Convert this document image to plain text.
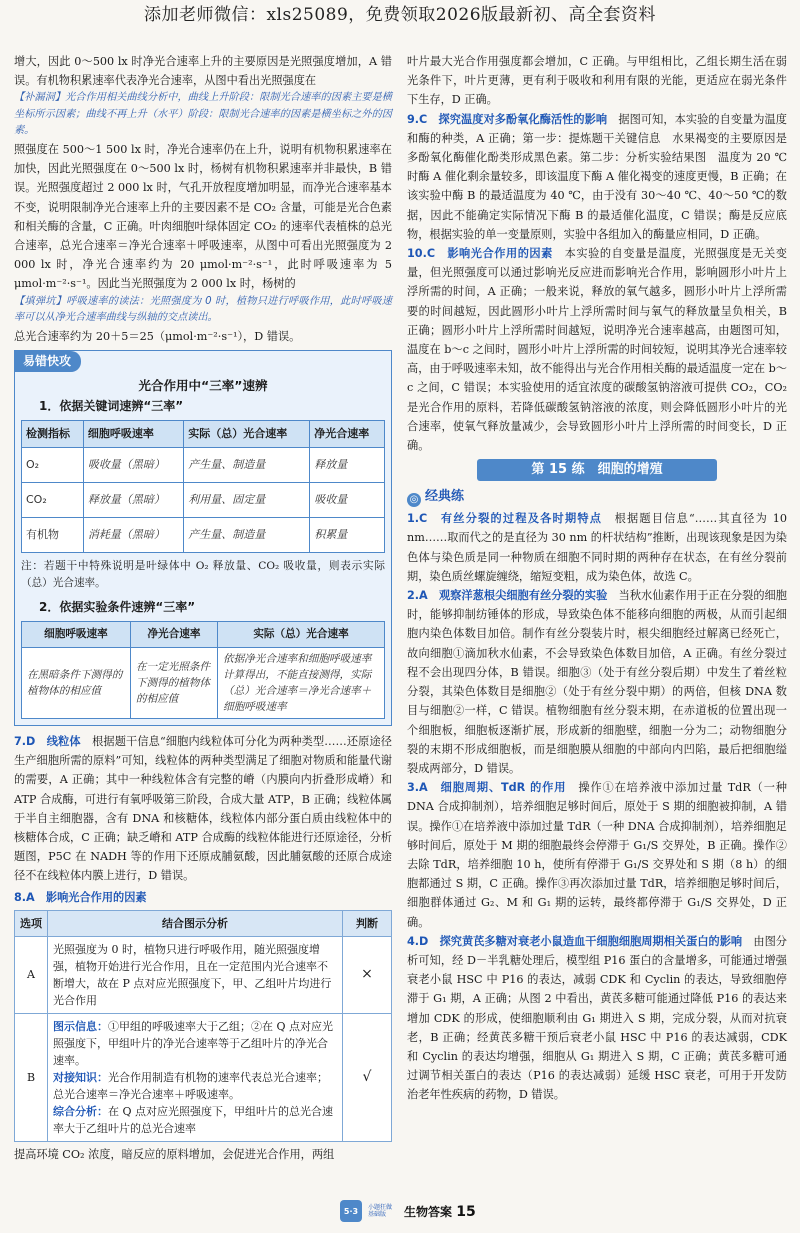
添加老师微信：xls25089，免费领取2026版最新初、高全套资料

增大，因此 0～500 lx 时净光合速率上升的主要原因是光照强度增加，A 错误。有机物积累速率代表净光合速率，从图中看出光照强度在

【补漏洞】光合作用相关曲线分析中，曲线上升阶段：限制光合速率的因素主要是横坐标所示因素；曲线不再上升（水平）阶段：限制光合速率的因素是横坐标之外的因素。

照强度在 500～1 500 lx 时，净光合速率仍在上升，说明有机物积累速率在加快，因此光照强度在 0～500 lx 时，杨树有机物积累速率并非最快，B 错误。光照强度超过 2 000 lx 时，气孔开放程度增加明显，而净光合速率基本不变，说明限制净光合速率上升的主要因素不是 CO₂ 含量，可能是光合色素和相关酶的含量，C 正确。叶肉细胞叶绿体固定 CO₂ 的速率代表植株的总光合速率，总光合速率＝净光合速率＋呼吸速率，从图中可看出光照强度为 2 000 lx 时，净光合速率约为 20 μmol·m⁻²·s⁻¹，此时呼吸速率为 5 μmol·m⁻²·s⁻¹。因此当光照强度为 2 000 lx 时，杨树的

【填弹坑】呼吸速率的读法：光照强度为 0 时，植物只进行呼吸作用，此时呼吸速率可以从净光合速率曲线与纵轴的交点读出。

总光合速率约为 20＋5＝25（μmol·m⁻²·s⁻¹），D 错误。

易错快攻
光合作用中“三率”速辨
1．依据关键词速辨“三率”
检测指标	细胞呼吸速率	实际（总）光合速率	净光合速率
O₂	吸收量（黑暗）	产生量、制造量	释放量
CO₂	释放量（黑暗）	利用量、固定量	吸收量
有机物	消耗量（黑暗）	产生量、制造量	积累量

注：若题干中特殊说明是叶绿体中 O₂ 释放量、CO₂ 吸收量，则表示实际（总）光合速率。

2．依据实验条件速辨“三率”
细胞呼吸速率	净光合速率	实际（总）光合速率
在黑暗条件下测得的植物体的相应值	在一定光照条件下测得的植物体的相应值	依据净光合速率和细胞呼吸速率计算得出，不能直接测得，实际（总）光合速率＝净光合速率＋细胞呼吸速率

7.D　 线粒体　 根据题干信息“细胞内线粒体可分化为两种类型……还原途径生产细胞所需的原料”可知，线粒体的两种类型满足了细胞对物质和能量代谢的需要，A 正确；其中一种线粒体含有完整的嵴（内膜向内折叠形成嵴）和 ATP 合成酶，可进行有氧呼吸第三阶段，合成大量 ATP，B 正确；线粒体属于半自主细胞器，含有 DNA 和核糖体，线粒体内部分蛋白质由线粒体中的核糖体合成，C 正确；缺乏嵴和 ATP 合成酶的线粒体能进行还原途径，分析题图，P5C 在 NADH 等的作用下还原成脯氨酸，因此脯氨酸的还原合成途径不在线粒体内膜上进行，D 错误。

8.A　 影响光合作用的因素

选项	结合图示分析	判断
A	光照强度为 0 时，植物只进行呼吸作用，随光照强度增强，植物开始进行光合作用，且在一定范围内光合速率不断增大，故在 P 点对应光照强度下，甲、乙组叶片均进行光合作用	×
B	图示信息：①甲组的呼吸速率大于乙组；②在 Q 点对应光照强度下，甲组叶片的净光合速率等于乙组叶片的净光合速率。
对接知识：光合作用制造有机物的速率代表总光合速率；总光合速率＝净光合速率＋呼吸速率。
综合分析：在 Q 点对应光照强度下，甲组叶片的总光合速率大于乙组叶片的总光合速率	√

提高环境 CO₂ 浓度，暗反应的原料增加，会促进光合作用，两组

叶片最大光合作用强度都会增加，C 正确。与甲组相比，乙组长期生活在弱光条件下，叶片更薄，更有利于吸收和利用有限的光能，更适应在弱光条件下生存，D 正确。

9.C　 探究温度对多酚氧化酶活性的影响　 据图可知，本实验的自变量为温度和酶的种类，A 正确；第一步：提炼题干关键信息　水果褐变的主要原因是多酚氧化酶催化酚类形成黑色素。第二步：分析实验结果图　温度为 20 ℃时酶 A 催化剩余量较多，即该温度下酶 A 催化褐变的速度更慢，B 正确；在该实验中酶 B 的最适温度为 40 ℃，由于没有 30～40 ℃、40～50 ℃的数据，因此不能确定实际情况下酶 B 的最适催化温度，C 错误；酶是反应底物，根据实验的单一变量原则，实验中各组加入的酶量应相同，D 正确。

10.C　 影响光合作用的因素　 本实验的自变量是温度，光照强度是无关变量，但光照强度可以通过影响光反应进而影响光合作用，影响圆形小叶片上浮所需的时间，A 正确；一般来说，释放的氧气越多，圆形小叶片上浮所需要的时间越短，因此圆形小叶片上浮所需时间与氧气的释放量呈负相关，B 正确；圆形小叶片上浮所需时间越短，说明净光合速率越高，由题图可知，温度在 b～c 之间时，圆形小叶片上浮所需的时间较短，说明其净光合速率较高，由于呼吸速率未知，故不能得出与光合作用相关酶的最适温度一定在 b～c 之间，C 错误；本实验使用的适宜浓度的碳酸氢钠溶液可提供 CO₂，CO₂ 是光合作用的原料，若降低碳酸氢钠溶液的浓度，则会降低圆形小叶片的光合速率，使氧气释放量减少，会导致圆形小叶片上浮所需的时间变长，D 正确。

第 15 练　细胞的增殖
◎ 经典练

1.C　 有丝分裂的过程及各时期特点　 根据题目信息“……其直径为 10 nm……取而代之的是直径为 30 nm 的杆状结构”推断，出现该现象是因为染色体与染色质是同一种物质在细胞不同时期的两种存在状态，在有丝分裂前期，染色质丝螺旋缠绕，缩短变粗，成为染色体，故选 C。

2.A　 观察洋葱根尖细胞有丝分裂的实验　 当秋水仙素作用于正在分裂的细胞时，能够抑制纺锤体的形成，导致染色体不能移向细胞的两极，从而引起细胞内染色体数目加倍。制作有丝分裂装片时，根尖细胞经过解离已经死亡，故向细胞①滴加秋水仙素，不会导致染色体数目加倍，A 正确。有丝分裂过程不会出现四分体，B 错误。细胞③（处于有丝分裂后期）中发生了着丝粒分裂，其染色体数目是细胞②（处于有丝分裂中期）的两倍，但核 DNA 数目与细胞②一样，C 错误。植物细胞有丝分裂末期，在赤道板的位置出现一个细胞板，细胞板逐渐扩展，形成新的细胞壁，细胞一分为二；动物细胞分裂的末期不形成细胞板，而是细胞膜从细胞的中部向内凹陷，最后把细胞缢裂成两部分，D 错误。

3.A　 细胞周期、TdR 的作用　 操作①在培养液中添加过量 TdR（一种 DNA 合成抑制剂），培养细胞足够时间后，原处于 S 期的细胞被抑制，A 错误。操作①在培养液中添加过量 TdR（一种 DNA 合成抑制剂），培养细胞足够时间后，原处于 M 期的细胞最终会停滞于 G₁/S 交界处，B 正确。操作②去除 TdR，培养细胞 10 h，使所有停滞于 G₁/S 交界处和 S 期（8 h）的细胞都通过 S 期，C 正确。操作③再次添加过量 TdR，培养细胞足够时间后，细胞群体通过 G₂、M 和 G₁ 期的运转，最终都停滞于 G₁/S 交界处，D 正确。

4.D　 探究黄芪多糖对衰老小鼠造血干细胞细胞周期相关蛋白的影响　 由图分析可知，经 D－半乳糖处理后，模型组 P16 蛋白的含量增多，可能通过增强衰老小鼠 HSC 中 P16 的表达，减弱 CDK 和 Cyclin 的表达，导致细胞停滞于 G₁ 期，A 正确；从图 2 中看出，黄芪多糖可能通过降低 P16 的表达来增加 CDK 的形成，使细胞顺利由 G₁ 期进入 S 期，完成分裂，从而对抗衰老，B 正确；经黄芪多糖干预后衰老小鼠 HSC 中 P16 的表达减弱，CDK 和 Cyclin 的表达均增强，细胞从 G₁ 期进入 S 期，C 正确；黄芪多糖可通过调节相关蛋白的表达（P16 的表达减弱）延缓 HSC 衰老，可用于开发防治老年性疾病的药物，D 错误。

5·3	小题狂做 基础版	生物答案 15
